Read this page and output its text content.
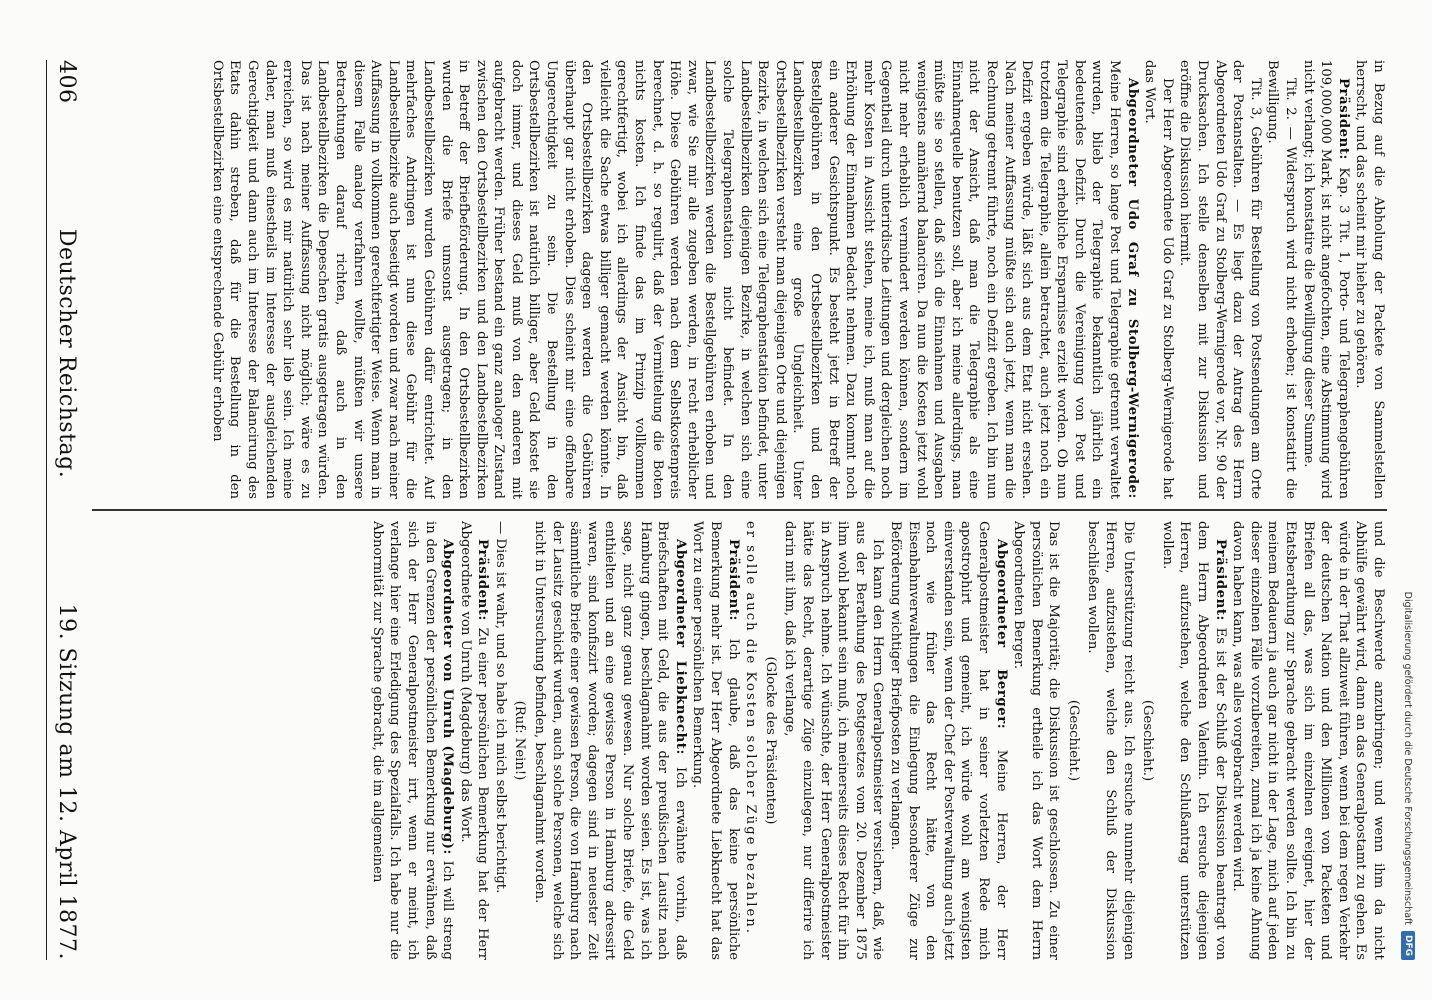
Digitalisierung gefördert durch die Deutsche Forschungsgemeinschaft
DFG

und die Beschwerde anzubringen; und wenn ihm da nicht Abhülfe gewährt wird, dann an das Generalpostamt zu gehen. Es würde in der That allzuweit führen, wenn bei dem regen Verkehr der deutschen Nation und den Millionen von Packeten und Briefen all das, was sich im einzelnen ereignet, hier der Etatsberathung zur Sprache gebracht werden sollte. Ich bin zu meinem Bedauern ja auch gar nicht in der Lage, mich auf jeden dieser einzelnen Fälle vorzubereiten, zumal ich ja keine Ahnung davon haben kann, was alles vorgebracht werden wird.

Präsident: Es ist der Schluß der Diskussion beantragt von dem Herrn Abgeordneten Valentin. Ich ersuche diejenigen Herren, aufzustehen, welche den Schlußantrag unterstützen wollen.

(Geschieht.)

Die Unterstützung reicht aus. Ich ersuche nunmehr diejenigen Herren, aufzustehen, welche den Schluß der Diskussion beschließen wollen.

(Geschieht.)

Das ist die Majorität; die Diskussion ist geschlossen. Zu einer persönlichen Bemerkung ertheile ich das Wort dem Herrn Abgeordneten Berger.

Abgeordneter Berger: Meine Herren, der Herr Generalpostmeister hat in seiner vorletzten Rede mich apostrophirt und gemeint, ich würde wohl am wenigsten einverstanden sein, wenn der Chef der Postverwaltung auch jetzt noch wie früher das Recht hätte, von den Eisenbahnverwaltungen die Einlegung besonderer Züge zur Beförderung wichtiger Briefposten zu verlangen.

Ich kann den Herrn Generalpostmeister versichern, daß, wie aus der Berathung des Postgesetzes vom 20. Dezember 1875 ihm wohl bekannt sein muß, ich meinerseits dieses Recht für ihn in Anspruch nehme. Ich wünschte, der Herr Generalpostmeister hätte das Recht, derartige Züge einzulegen, nur differire ich darin mit ihm, daß ich verlange,

(Glocke des Präsidenten)

er solle auch die Kosten solcher Züge bezahlen.

Präsident: Ich glaube, daß das keine persönliche Bemerkung mehr ist. Der Herr Abgeordnete Liebknecht hat das Wort zu einer persönlichen Bemerkung.

Abgeordneter Liebknecht: Ich erwähnte vorhin, daß Briefschaften mit Geld, die aus der preußischen Lausitz nach Hamburg gingen, beschlagnahmt worden seien. Es ist, was ich sage, nicht ganz genau gewesen. Nur solche Briefe, die Geld enthielten und an eine gewisse Person in Hamburg adressirt waren, sind konfiszirt worden; dagegen sind in neuester Zeit sämmtliche Briefe einer gewissen Person, die von Hamburg nach der Lausitz geschickt wurden, auch solche Personen, welche sich nicht in Untersuchung befinden, beschlagnahmt worden.

(Ruf: Nein!)

— Dies ist wahr, und so habe ich mich selbst berichtigt.

Präsident: Zu einer persönlichen Bemerkung hat der Herr Abgeordnete von Unruh (Magdeburg) das Wort.

Abgeordneter von Unruh (Magdeburg): Ich will streng in den Grenzen der persönlichen Bemerkung nur erwähnen, daß sich der Herr Generalpostmeister irrt, wenn er meint, ich verlange hier eine Erledigung des Spezialfalls. Ich habe nur die Abnormität zur Sprache gebracht, die im allgemeinen

in Bezug auf die Abholung der Packete von Sammelstellen herrscht, und das scheint mir hieher zu gehören.

Präsident: Kap. 3 Tit. 1, Porto- und Telegraphengebühren 109,000,000 Mark, ist nicht angefochten, eine Abstimmung wird nicht verlangt; ich konstatire die Bewilligung dieser Summe.

Tit. 2. — Widerspruch wird nicht erhoben; ist konstatirt die Bewilligung.

Tit. 3, Gebühren für Bestellung von Postsendungen am Orte der Postanstalten. — Es liegt dazu der Antrag des Herrn Abgeordneten Udo Graf zu Stolberg-Wernigerode vor, Nr. 90 der Drucksachen. Ich stelle denselben mit zur Diskussion und eröffne die Diskussion hiermit.

Der Herr Abgeordnete Udo Graf zu Stolberg-Wernigerode hat das Wort.

Abgeordneter Udo Graf zu Stolberg-Wernigerode: Meine Herren, so lange Post und Telegraphie getrennt verwaltet wurden, blieb der Telegraphie bekanntlich jährlich ein bedeutendes Defizit. Durch die Vereinigung von Post und Telegraphie sind erhebliche Ersparnisse erzielt worden. Ob nun trotzdem die Telegraphie, allein betrachtet, auch jetzt noch ein Defizit ergeben würde, läßt sich aus dem Etat nicht ersehen. Nach meiner Auffassung müßte sich auch jetzt, wenn man die Rechnung getrennt führte, noch ein Defizit ergeben. Ich bin nun nicht der Ansicht, daß man die Telegraphie als eine Einnahmequelle benutzen soll, aber ich meine allerdings, man müßte sie so stellen, daß sich die Einnahmen und Ausgaben wenigstens annähernd balanciren. Da nun die Kosten jetzt wohl nicht mehr erheblich vermindert werden können, sondern im Gegentheil durch unterirdische Leitungen und dergleichen noch mehr Kosten in Aussicht stehen, meine ich, muß man auf die Erhöhung der Einnahmen Bedacht nehmen. Dazu kommt noch ein anderer Gesichtspunkt. Es besteht jetzt in Betreff der Bestellgebühren in den Ortsbestellbezirken und den Landbestellbezirken eine große Ungleichheit. Unter Ortsbestellbezirken versteht man diejenigen Orte und diejenigen Bezirke, in welchen sich eine Telegraphenstation befindet, unter Landbestellbezirken diejenigen Bezirke, in welchen sich eine solche Telegraphenstation nicht befindet. In den Landbestellbezirken werden die Bestellgebühren erhoben und zwar, wie Sie mir alle zugeben werden, in recht erheblicher Höhe. Diese Gebühren werden nach dem Selbstkostenpreis berechnet, d. h. so regulirt, daß der Vermittelung die Boten nichts kosten. Ich finde das im Prinzip vollkommen gerechtfertigt, wobei ich allerdings der Ansicht bin, daß vielleicht die Sache etwas billiger gemacht werden könnte. In den Ortsbestellbezirken dagegen werden die Gebühren überhaupt gar nicht erhoben. Dies scheint mir eine offenbare Ungerechtigkeit zu sein. Die Bestellung in den Ortsbestellbezirken ist natürlich billiger, aber Geld kostet sie doch immer, und dieses Geld muß von den anderen mit aufgebracht werden. Früher bestand ein ganz analoger Zustand zwischen den Ortsbestellbezirken und den Landbestellbezirken in Betreff der Briefbeförderung. In den Ortsbestellbezirken wurden die Briefe umsonst ausgetragen; in den Landbestellbezirken wurden Gebühren dafür entrichtet. Auf mehrfaches Andringen ist nun diese Gebühr für die Landbestellbezirke auch beseitigt worden und zwar nach meiner Auffassung in vollkommen gerechtfertigter Weise. Wenn man in diesem Falle analog verfahren wollte, müßten wir unsere Betrachtungen darauf richten, daß auch in den Landbestellbezirken die Depeschen gratis ausgetragen würden. Das ist nach meiner Auffassung nicht möglich; wäre es zu erreichen, so wird es mir natürlich sehr lieb sein. Ich meine daher, man muß einestheils im Interesse der ausgleichenden Gerechtigkeit und dann auch im Interesse der Balancirung des Etats dahin streben, daß für die Bestellung in den Ortsbestellbezirken eine entsprechende Gebühr erhoben

406
Deutscher Reichstag.
19. Sitzung am 12. April 1877.
